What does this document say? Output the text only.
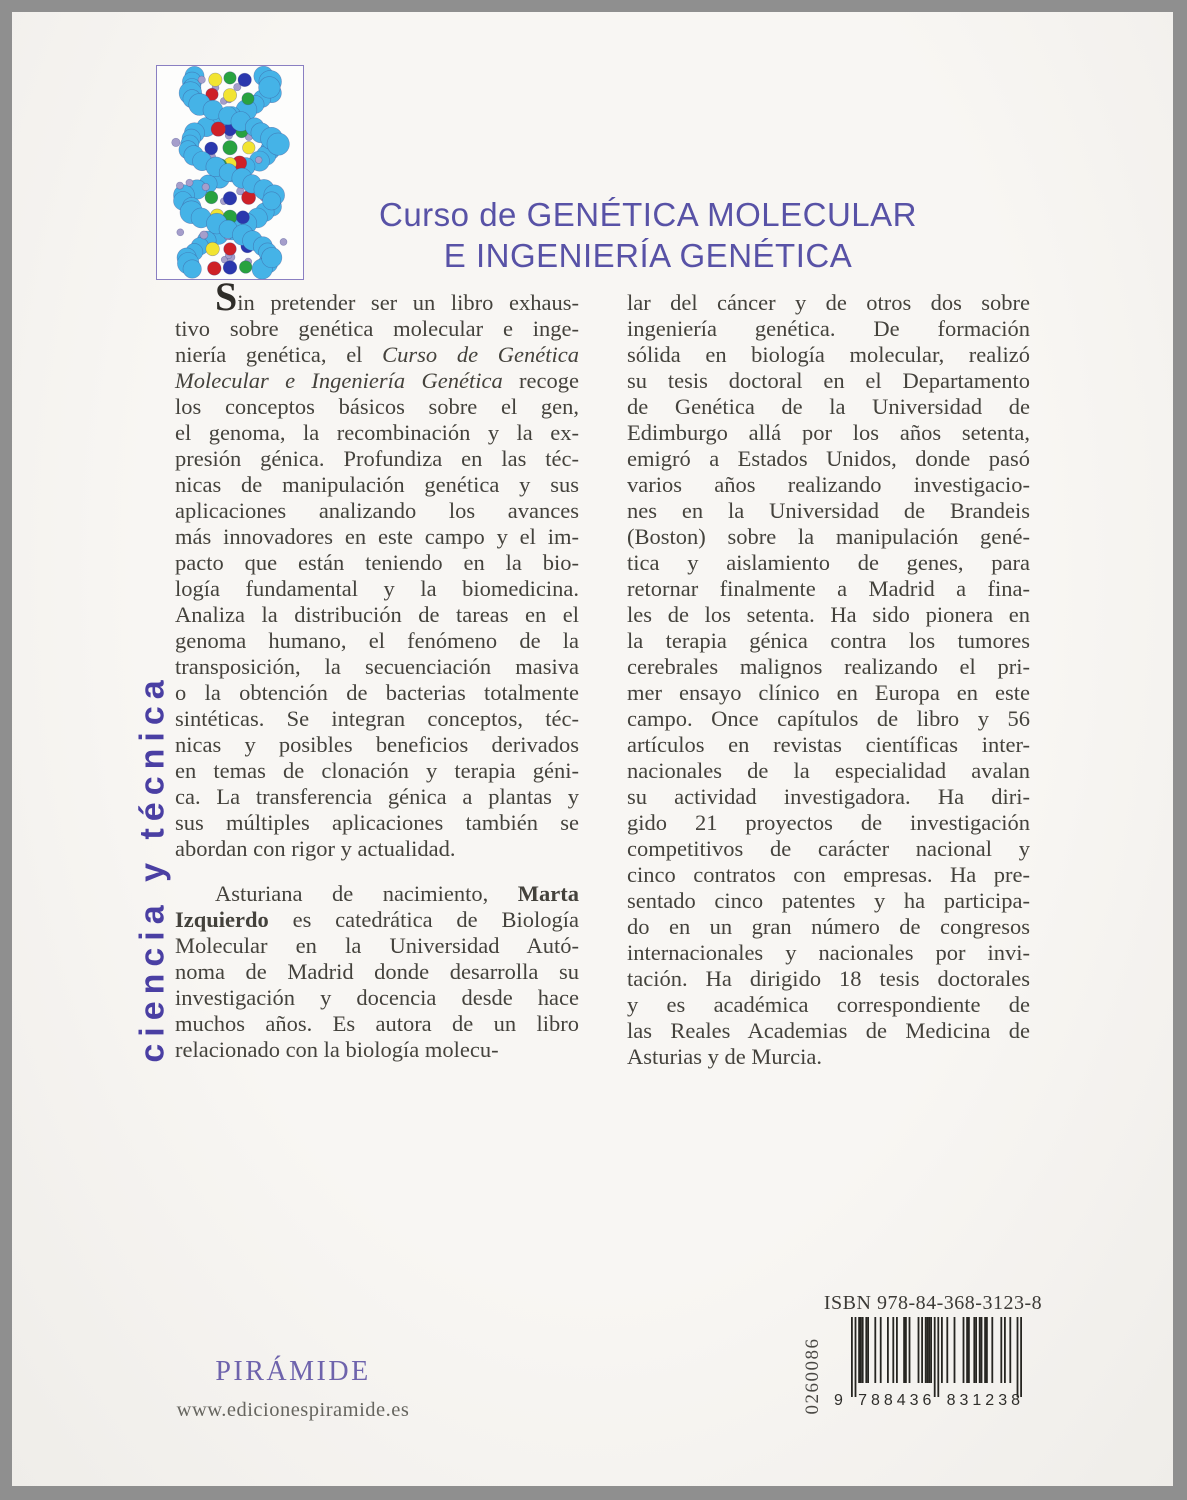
Curso de GENÉTICA MOLECULAR
E INGENIERÍA GENÉTICA
Sin pretender ser un libro exhaus-
tivo sobre genética molecular e inge-
niería genética, el Curso de Genética
Molecular e Ingeniería Genética recoge
los conceptos básicos sobre el gen,
el genoma, la recombinación y la ex-
presión génica. Profundiza en las téc-
nicas de manipulación genética y sus
aplicaciones analizando los avances
más innovadores en este campo y el im-
pacto que están teniendo en la bio-
logía fundamental y la biomedicina.
Analiza la distribución de tareas en el
genoma humano, el fenómeno de la
transposición, la secuenciación masiva
o la obtención de bacterias totalmente
sintéticas. Se integran conceptos, téc-
nicas y posibles beneficios derivados
en temas de clonación y terapia géni-
ca. La transferencia génica a plantas y
sus múltiples aplicaciones también se
abordan con rigor y actualidad.
Asturiana de nacimiento, Marta
Izquierdo es catedrática de Biología
Molecular en la Universidad Autó-
noma de Madrid donde desarrolla su
investigación y docencia desde hace
muchos años. Es autora de un libro
relacionado con la biología molecu-
lar del cáncer y de otros dos sobre
ingeniería genética. De formación
sólida en biología molecular, realizó
su tesis doctoral en el Departamento
de Genética de la Universidad de
Edimburgo allá por los años setenta,
emigró a Estados Unidos, donde pasó
varios años realizando investigacio-
nes en la Universidad de Brandeis
(Boston) sobre la manipulación gené-
tica y aislamiento de genes, para
retornar finalmente a Madrid a fina-
les de los setenta. Ha sido pionera en
la terapia génica contra los tumores
cerebrales malignos realizando el pri-
mer ensayo clínico en Europa en este
campo. Once capítulos de libro y 56
artículos en revistas científicas inter-
nacionales de la especialidad avalan
su actividad investigadora. Ha diri-
gido 21 proyectos de investigación
competitivos de carácter nacional y
cinco contratos con empresas. Ha pre-
sentado cinco patentes y ha participa-
do en un gran número de congresos
internacionales y nacionales por invi-
tación. Ha dirigido 18 tesis doctorales
y es académica correspondiente de
las Reales Academias de Medicina de
Asturias y de Murcia.
ciencia y técnica
PIRÁMIDE
www.edicionespiramide.es
ISBN 978-84-368-3123-8
9 788436 831238
0260086
